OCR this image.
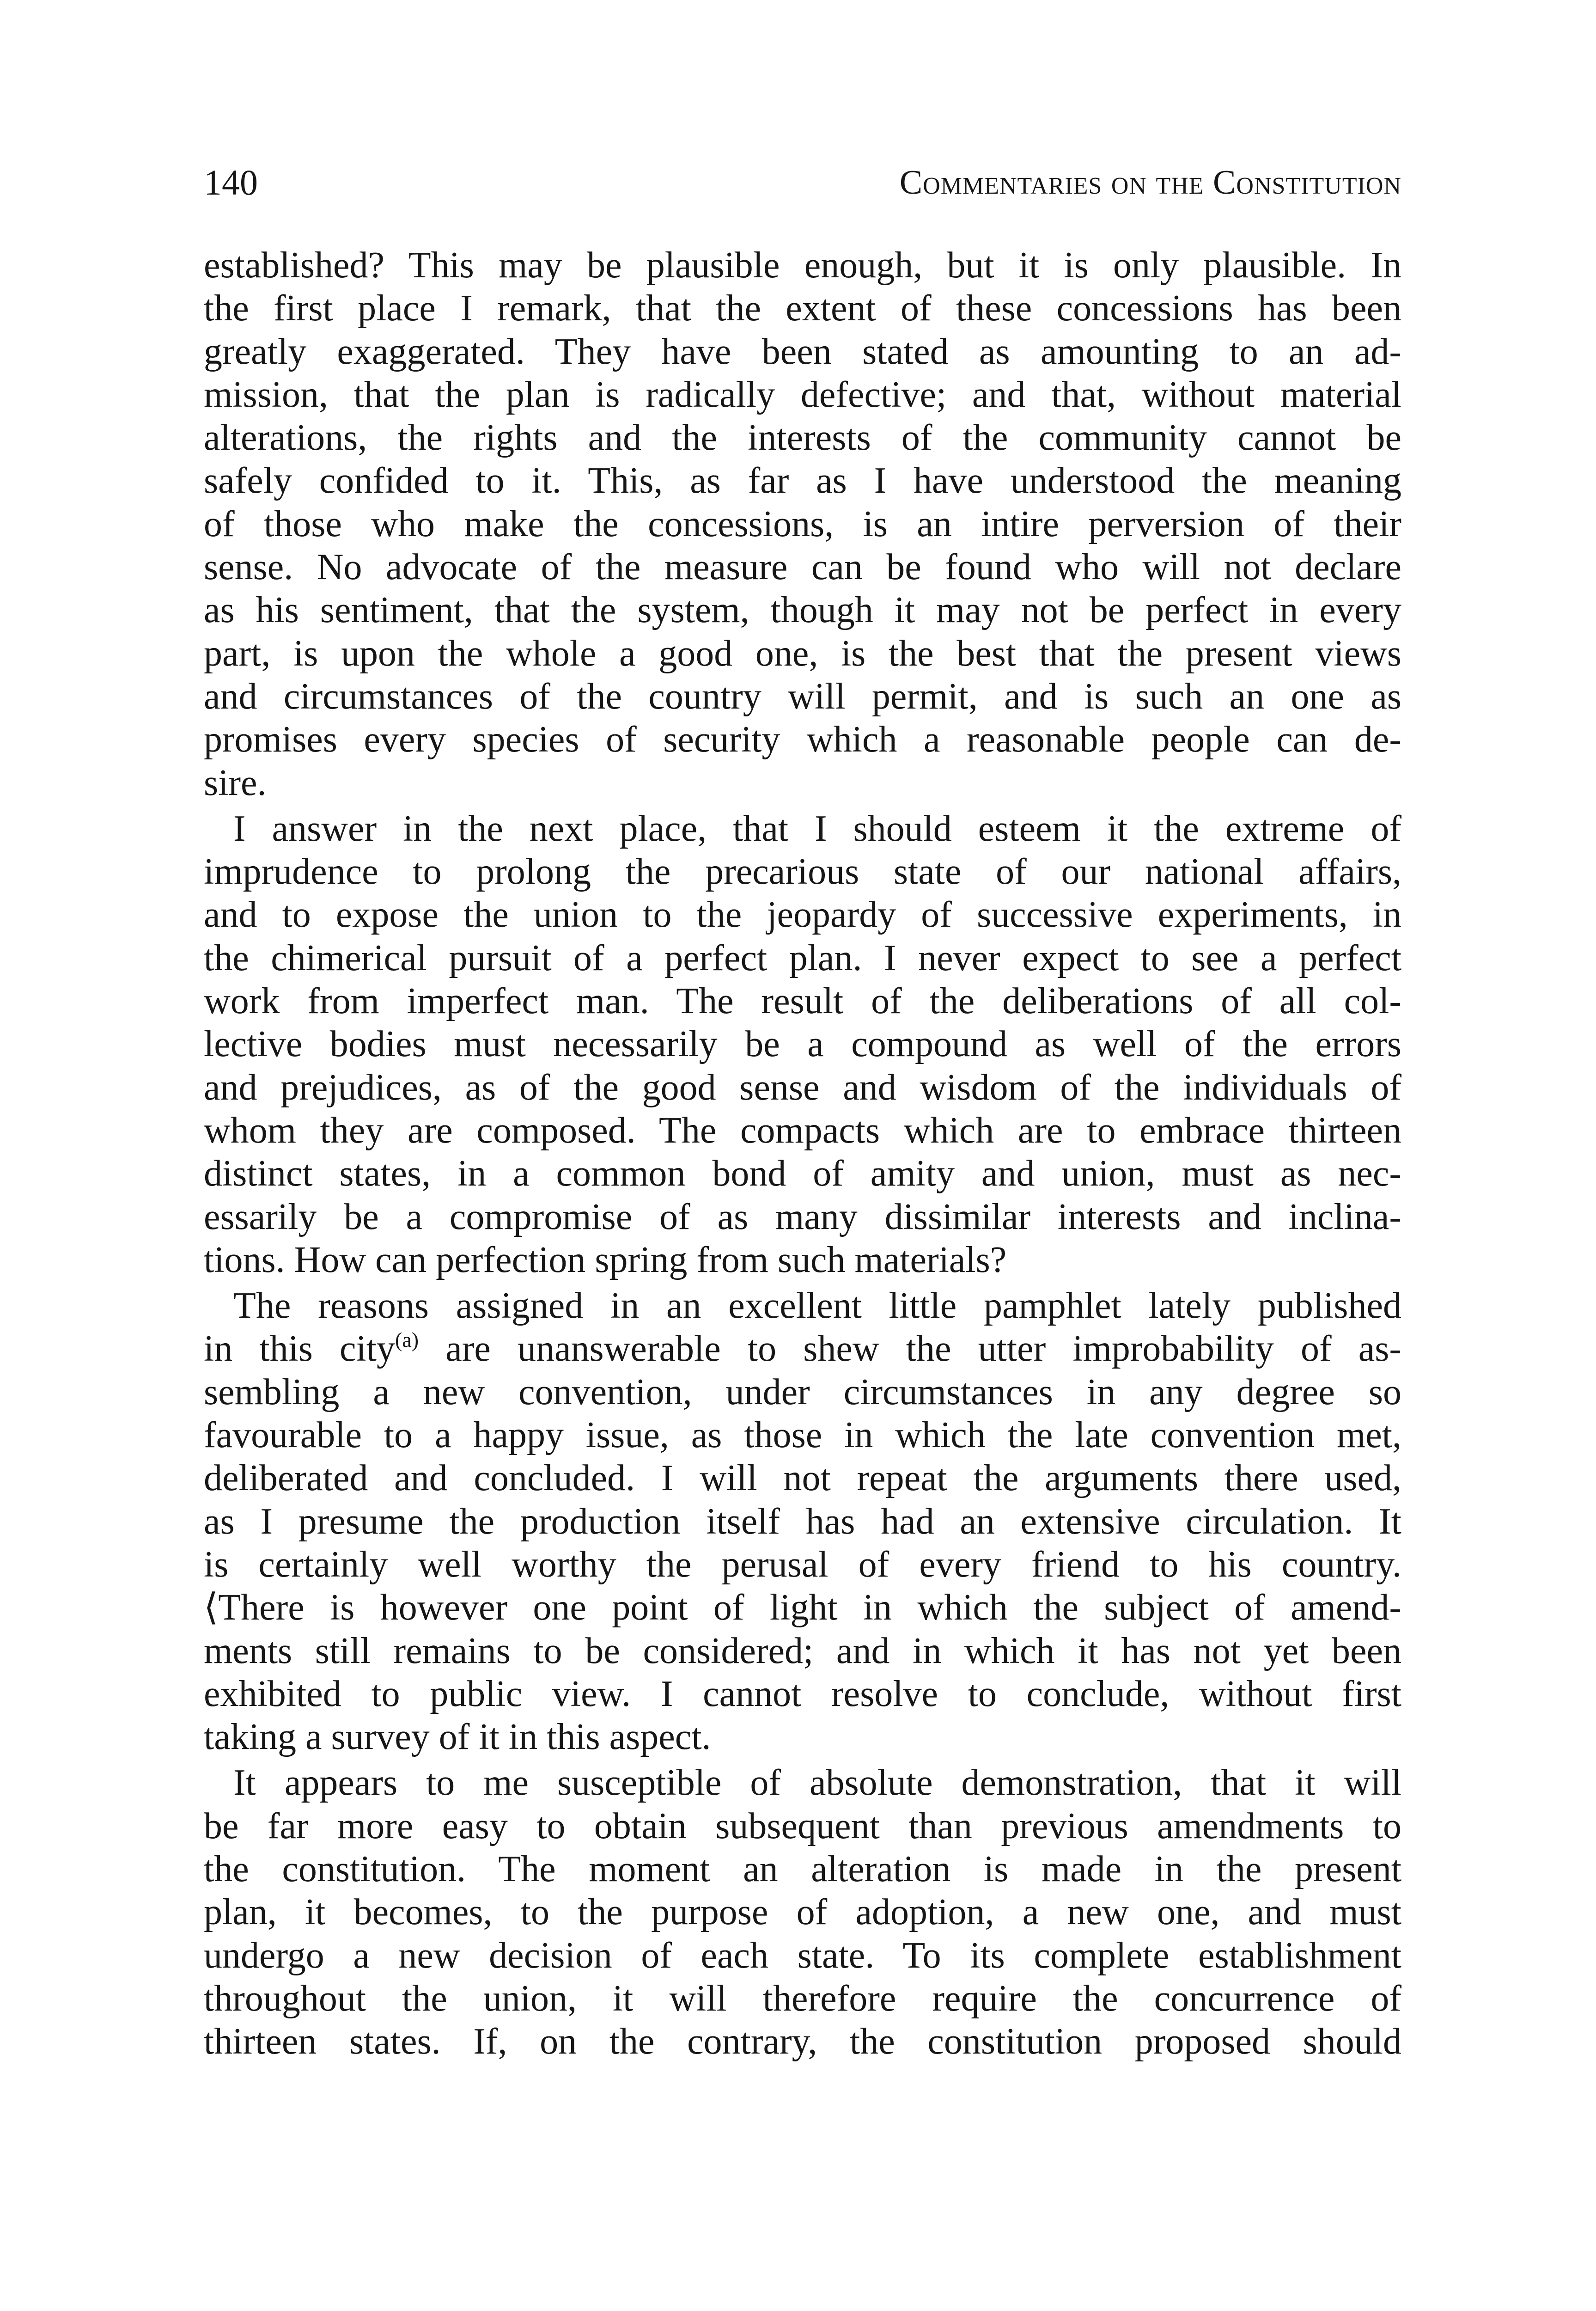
140	Commentaries on the Constitution
established? This may be plausible enough, but it is only plausible. In
the first place I remark, that the extent of these concessions has been
greatly exaggerated. They have been stated as amounting to an ad-
mission, that the plan is radically defective; and that, without material
alterations, the rights and the interests of the community cannot be
safely confided to it. This, as far as I have understood the meaning
of those who make the concessions, is an intire perversion of their
sense. No advocate of the measure can be found who will not declare
as his sentiment, that the system, though it may not be perfect in every
part, is upon the whole a good one, is the best that the present views
and circumstances of the country will permit, and is such an one as
promises every species of security which a reasonable people can de-
sire.
I answer in the next place, that I should esteem it the extreme of
imprudence to prolong the precarious state of our national affairs,
and to expose the union to the jeopardy of successive experiments, in
the chimerical pursuit of a perfect plan. I never expect to see a perfect
work from imperfect man. The result of the deliberations of all col-
lective bodies must necessarily be a compound as well of the errors
and prejudices, as of the good sense and wisdom of the individuals of
whom they are composed. The compacts which are to embrace thirteen
distinct states, in a common bond of amity and union, must as nec-
essarily be a compromise of as many dissimilar interests and inclina-
tions. How can perfection spring from such materials?
The reasons assigned in an excellent little pamphlet lately published
in this city$^{(a)}$ are unanswerable to shew the utter improbability of as-
sembling a new convention, under circumstances in any degree so
favourable to a happy issue, as those in which the late convention met,
deliberated and concluded. I will not repeat the arguments there used,
as I presume the production itself has had an extensive circulation. It
is certainly well worthy the perusal of every friend to his country.
⟨There is however one point of light in which the subject of amend-
ments still remains to be considered; and in which it has not yet been
exhibited to public view. I cannot resolve to conclude, without first
taking a survey of it in this aspect.
It appears to me susceptible of absolute demonstration, that it will
be far more easy to obtain subsequent than previous amendments to
the constitution. The moment an alteration is made in the present
plan, it becomes, to the purpose of adoption, a new one, and must
undergo a new decision of each state. To its complete establishment
throughout the union, it will therefore require the concurrence of
thirteen states. If, on the contrary, the constitution proposed should
